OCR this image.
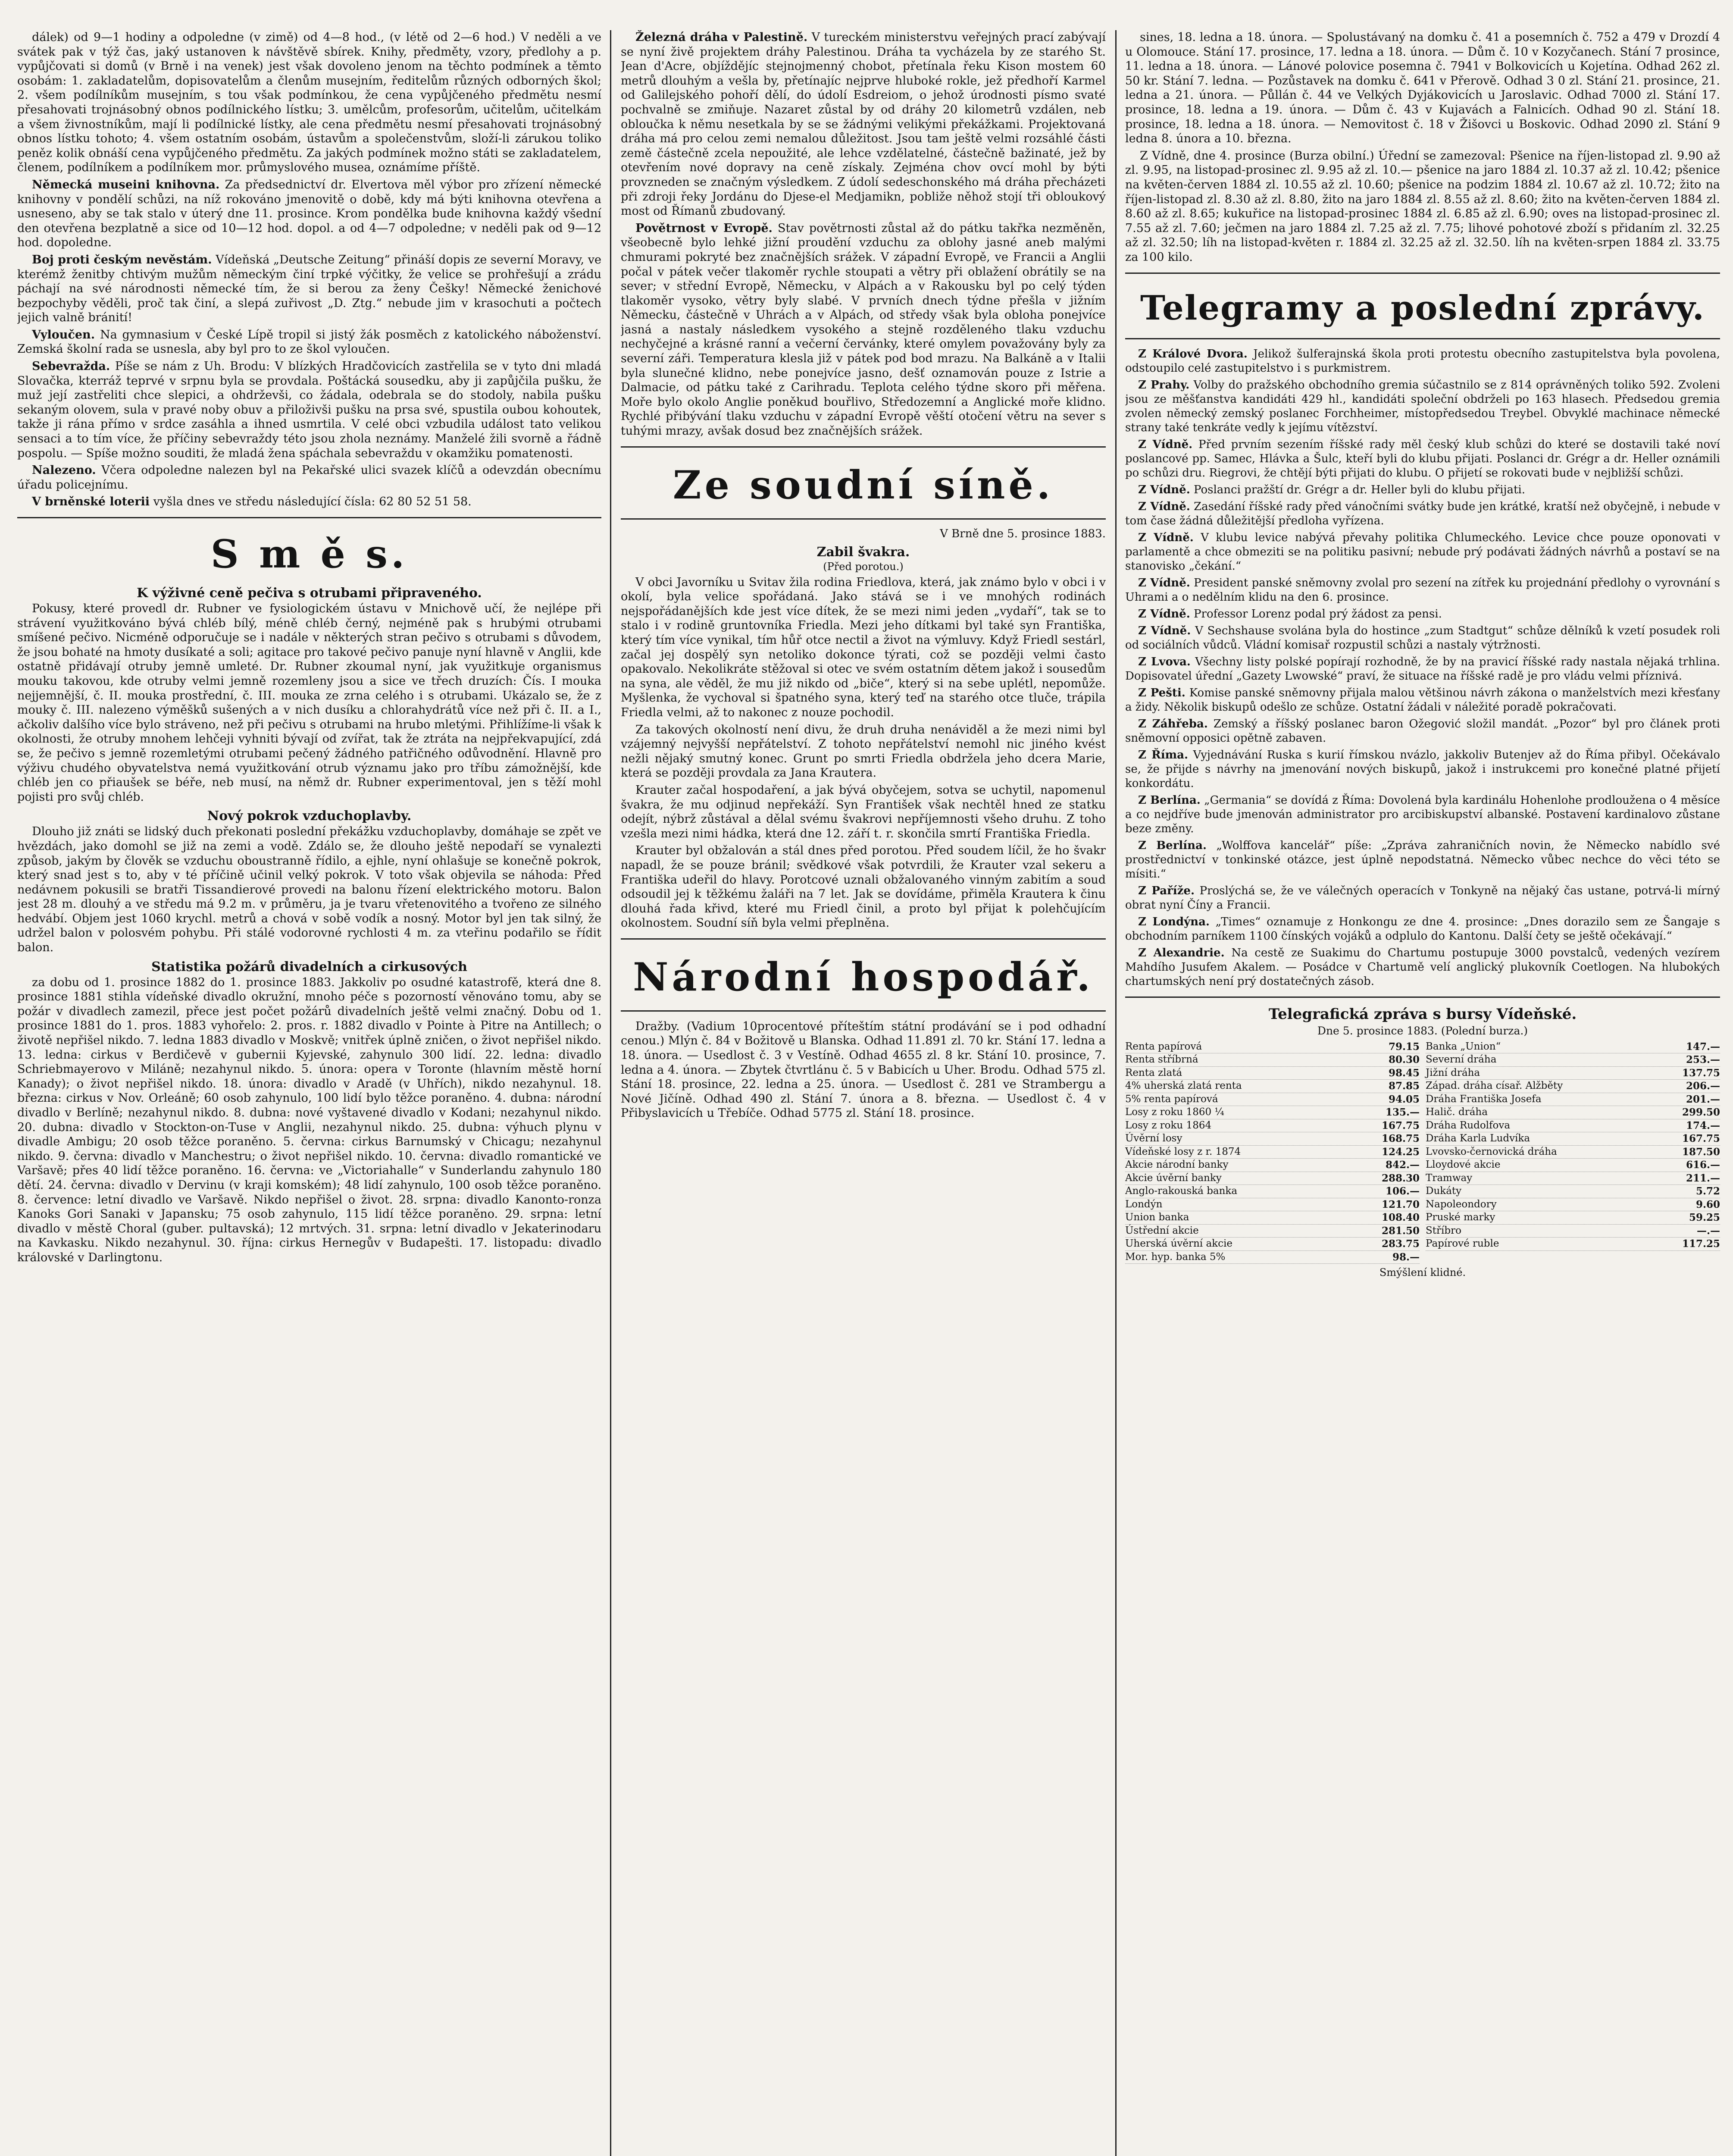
dálek) od 9—1 hodiny a odpoledne (v zimě) od 4—8 hod., (v létě od 2—6 hod.) V neděli a ve svátek pak v týž čas, jaký ustanoven k návštěvě sbírek. Knihy, předměty, vzory, předlohy a p. vypůjčovati si domů (v Brně i na venek) jest však dovoleno jenom na těchto podmínek a těmto osobám: 1. zakladatelům, dopisovatelům a členům musejním, ředitelům různých odborných škol; 2. všem podílníkům musejním, s tou však podmínkou, že cena vypůjčeného předmětu nesmí přesahovati trojnásobný obnos podílnického lístku; 3. umělcům, profesorům, učitelům, učitelkám a všem živnostníkům, mají li podílnické lístky, ale cena předmětu nesmí přesahovati trojnásobný obnos lístku tohoto; 4. všem ostatním osobám, ústavům a společenstvům, složí-li zárukou toliko peněz kolik obnáší cena vypůjčeného předmětu. Za jakých podmínek možno státi se zakladatelem, členem, podílníkem a podílníkem mor. průmyslového musea, oznámíme příště.

Německá museini knihovna. Za předsednictví dr. Elvertova měl výbor pro zřízení německé knihovny v pondělí schůzi, na níž rokováno jmenovitě o době, kdy má býti knihovna otevřena a usneseno, aby se tak stalo v úterý dne 11. prosince. Krom pondělka bude knihovna každý všední den otevřena bezplatně a sice od 10—12 hod. dopol. a od 4—7 odpoledne; v neděli pak od 9—12 hod. dopoledne.

Boj proti českým nevěstám. Vídeňská „Deutsche Zeitung“ přináší dopis ze severní Moravy, ve kterémž ženitby chtivým mužům německým činí trpké výčitky, že velice se prohřešují a zrádu páchají na své národnosti německé tím, že si berou za ženy Češky! Německé ženichové bezpochyby věděli, proč tak činí, a slepá zuřivost „D. Ztg.“ nebude jim v krasochuti a počtech jejich valně bránití!

Vyloučen. Na gymnasium v České Lípě tropil si jistý žák posměch z katolického náboženství. Zemská školní rada se usnesla, aby byl pro to ze škol vyloučen.

Sebevražda. Píše se nám z Uh. Brodu: V blízkých Hradčovicích zastřelila se v tyto dni mladá Slovačka, kterráž teprvé v srpnu byla se provdala. Poštácká sousedku, aby ji zapůjčila pušku, že muž její zastřeliti chce slepici, a ohdrževši, co žádala, odebrala se do stodoly, nabila pušku sekaným olovem, sula v pravé noby obuv a přiloživši pušku na prsa své, spustila oubou kohoutek, takže ji rána přímo v srdce zasáhla a ihned usmrtila. V celé obci vzbudila událost tato velikou sensaci a to tím více, že příčiny sebevraždy této jsou zhola neznámy. Manželé žili svorně a řádně pospolu. — Spíše možno souditi, že mladá žena spáchala sebevraždu v okamžiku pomatenosti.

Nalezeno. Včera odpoledne nalezen byl na Pekařské ulici svazek klíčů a odevzdán obecnímu úřadu policejnímu.

V brněnské loterii vyšla dnes ve středu následující čísla: 62 80 52 51 58.

S m ě s.
K výživné ceně pečiva s otrubami připraveného.

Pokusy, které provedl dr. Rubner ve fysiologickém ústavu v Mnichově učí, že nejlépe při strávení využitkováno bývá chléb bílý, méně chléb černý, nejméně pak s hrubými otrubami smíšené pečivo. Nicméně odporučuje se i nadále v některých stran pečivo s otrubami s důvodem, že jsou bohaté na hmoty dusíkaté a soli; agitace pro takové pečivo panuje nyní hlavně v Anglii, kde ostatně přidávají otruby jemně umleté. Dr. Rubner zkoumal nyní, jak využitkuje organismus mouku takovou, kde otruby velmi jemně rozemleny jsou a sice ve třech druzích: Čís. I mouka nejjemnější, č. II. mouka prostřední, č. III. mouka ze zrna celého i s otrubami. Ukázalo se, že z mouky č. III. nalezeno výměšků sušených a v nich dusíku a chlorahydrátů více než při č. II. a I., ačkoliv dalšího více bylo stráveno, než při pečivu s otrubami na hrubo mletými. Přihlížíme-li však k okolnosti, že otruby mnohem lehčeji vyhniti bývají od zvířat, tak že ztráta na nejpřekvapující, zdá se, že pečivo s jemně rozemletými otrubami pečený žádného patřičného odůvodnění. Hlavně pro výživu chudého obyvatelstva nemá využitkování otrub významu jako pro tříbu zámožnější, kde chléb jen co přiaušek se béře, neb musí, na němž dr. Rubner experimentoval, jen s těží mohl pojisti pro svůj chléb.

Nový pokrok vzduchoplavby.

Dlouho již znáti se lidský duch překonati poslední překážku vzduchoplavby, domáhaje se zpět ve hvězdách, jako domohl se již na zemi a vodě. Zdálo se, že dlouho ještě nepodaří se vynalezti způsob, jakým by člověk se vzduchu oboustranně řídilo, a ejhle, nyní ohlašuje se konečně pokrok, který snad jest s to, aby v té příčině učinil velký pokrok. V toto však objevila se náhoda: Před nedávnem pokusili se bratři Tissandierové provedi na balonu řízení elektrického motoru. Balon jest 28 m. dlouhý a ve středu má 9.2 m. v průměru, ja je tvaru vřetenovitého a tvořeno ze silného hedvábí. Objem jest 1060 krychl. metrů a chová v sobě vodík a nosný. Motor byl jen tak silný, že udržel balon v polosvém pohybu. Při stálé vodorovné rychlosti 4 m. za vteřinu podařilo se řídit balon.

Statistika požárů divadelních a cirkusových

za dobu od 1. prosince 1882 do 1. prosince 1883. Jakkoliv po osudné katastrofě, která dne 8. prosince 1881 stihla vídeňské divadlo okružní, mnoho péče s pozorností věnováno tomu, aby se požár v divadlech zamezil, přece jest počet požárů divadelních ještě velmi značný. Dobu od 1. prosince 1881 do 1. pros. 1883 vyhořelo: 2. pros. r. 1882 divadlo v Pointe à Pitre na Antillech; o životě nepřišel nikdo. 7. ledna 1883 divadlo v Moskvě; vnitřek úplně zničen, o život nepřišel nikdo. 13. ledna: cirkus v Berdičevě v gubernii Kyjevské, zahynulo 300 lidí. 22. ledna: divadlo Schriebmayerovo v Miláně; nezahynul nikdo. 5. února: opera v Toronte (hlavním městě horní Kanady); o život nepřišel nikdo. 18. února: divadlo v Aradě (v Uhřích), nikdo nezahynul. 18. března: cirkus v Nov. Orleáně; 60 osob zahynulo, 100 lidí bylo těžce poraněno. 4. dubna: národní divadlo v Berlíně; nezahynul nikdo. 8. dubna: nové vyštavené divadlo v Kodani; nezahynul nikdo. 20. dubna: divadlo v Stockton-on-Tuse v Anglii, nezahynul nikdo. 25. dubna: výhuch plynu v divadle Ambigu; 20 osob těžce poraněno. 5. června: cirkus Barnumský v Chicagu; nezahynul nikdo. 9. června: divadlo v Manchestru; o život nepřišel nikdo. 10. června: divadlo romantické ve Varšavě; přes 40 lidí těžce poraněno. 16. června: ve „Victoriahalle“ v Sunderlandu zahynulo 180 dětí. 24. června: divadlo v Dervinu (v kraji komském); 48 lidí zahynulo, 100 osob těžce poraněno. 8. července: letní divadlo ve Varšavě. Nikdo nepřišel o život. 28. srpna: divadlo Kanonto-ronza Kanoks Gori Sanaki v Japansku; 75 osob zahynulo, 115 lidí těžce poraněno. 29. srpna: letní divadlo v městě Choral (guber. pultavská); 12 mrtvých. 31. srpna: letní divadlo v Jekaterinodaru na Kavkasku. Nikdo nezahynul. 30. října: cirkus Hernegův v Budapešti. 17. listopadu: divadlo královské v Darlingtonu.

Železná dráha v Palestině. V tureckém ministerstvu veřejných prací zabývají se nyní živě projektem dráhy Palestinou. Dráha ta vycházela by ze starého St. Jean d'Acre, objíždějíc stejnojmenný chobot, přetínala řeku Kison mostem 60 metrů dlouhým a vešla by, přetínajíc nejprve hluboké rokle, jež předhoří Karmel od Galilejského pohoří dělí, do údolí Esdreiom, o jehož úrodnosti písmo svaté pochvalně se zmiňuje. Nazaret zůstal by od dráhy 20 kilometrů vzdálen, neb obloučka k němu nesetkala by se se žádnými velikými překážkami. Projektovaná dráha má pro celou zemi nemalou důležitost. Jsou tam ještě velmi rozsáhlé části země částečně zcela nepoužité, ale lehce vzdělatelné, částečně bažinaté, jež by otevřením nové dopravy na ceně získaly. Zejména chov ovcí mohl by býti provzneden se značným výsledkem. Z údolí sedeschonského má dráha přecházeti při zdroji řeky Jordánu do Djese-el Medjamikn, pobliže něhož stojí tři obloukový most od Římanů zbudovaný.

Povětrnost v Evropě. Stav povětrnosti zůstal až do pátku takřka nezměněn, všeobecně bylo lehké jižní proudění vzduchu za oblohy jasné aneb malými chmurami pokryté bez značnějších srážek. V západní Evropě, ve Francii a Anglii počal v pátek večer tlakoměr rychle stoupati a větry při oblažení obrátily se na sever; v střední Evropě, Německu, v Alpách a v Rakousku byl po celý týden tlakoměr vysoko, větry byly slabé. V prvních dnech týdne přešla v jižním Německu, částečně v Uhrách a v Alpách, od středy však byla obloha ponejvíce jasná a nastaly následkem vysokého a stejně rozděleného tlaku vzduchu nechyčejné a krásné ranní a večerní červánky, které omylem považovány byly za severní záři. Temperatura klesla již v pátek pod bod mrazu. Na Balkáně a v Italii byla slunečné klidno, nebe ponejvíce jasno, dešť oznamován pouze z Istrie a Dalmacie, od pátku také z Carihradu. Teplota celého týdne skoro při měřena. Moře bylo okolo Anglie poněkud bouřlivo, Středozemní a Anglické moře klidno. Rychlé přibývání tlaku vzduchu v západní Evropě věští otočení větru na sever s tuhými mrazy, avšak dosud bez značnějších srážek.

Ze soudní síně.
V Brně dne 5. prosince 1883.
Zabil švakra.
(Před porotou.)

V obci Javorníku u Svitav žila rodina Friedlova, která, jak známo bylo v obci i v okolí, byla velice spořádaná. Jako stává se i ve mnohých rodinách nejspořádanějších kde jest více dítek, že se mezi nimi jeden „vydaří“, tak se to stalo i v rodině gruntovníka Friedla. Mezi jeho dítkami byl také syn Františka, který tím více vynikal, tím hůř otce nectil a život na výmluvy. Když Friedl sestárl, začal jej dospělý syn netoliko dokonce týrati, což se později velmi často opakovalo. Nekolikráte stěžoval si otec ve svém ostatním dětem jakož i sousedům na syna, ale věděl, že mu již nikdo od „biče“, který si na sebe uplétl, nepomůže. Myšlenka, že vychoval si špatného syna, který teď na starého otce tluče, trápila Friedla velmi, až to nakonec z nouze pochodil.

Za takových okolností není divu, že druh druha nenáviděl a že mezi nimi byl vzájemný nejvyšší nepřátelství. Z tohoto nepřátelství nemohl nic jiného kvést nežli nějaký smutný konec. Grunt po smrti Friedla obdržela jeho dcera Marie, která se později provdala za Jana Krautera.

Krauter začal hospodaření, a jak bývá obyčejem, sotva se uchytil, napomenul švakra, že mu odjinud nepřekáží. Syn František však nechtěl hned ze statku odejít, nýbrž zůstával a dělal svému švakrovi nepříjemnosti všeho druhu. Z toho vzešla mezi nimi hádka, která dne 12. září t. r. skončila smrtí Františka Friedla.

Krauter byl obžalován a stál dnes před porotou. Před soudem líčil, že ho švakr napadl, že se pouze bránil; svědkové však potvrdili, že Krauter vzal sekeru a Františka udeřil do hlavy. Porotcové uznali obžalovaného vinným zabitím a soud odsoudil jej k těžkému žaláři na 7 let. Jak se dovídáme, přiměla Krautera k činu dlouhá řada křivd, které mu Friedl činil, a proto byl přijat k polehčujícím okolnostem. Soudní síň byla velmi přeplněna.

Národní hospodář.

Dražby. (Vadium 10procentové příteštím státní prodávání se i pod odhadní cenou.) Mlýn č. 84 v Božitově u Blanska. Odhad 11.891 zl. 70 kr. Stání 17. ledna a 18. února. — Usedlost č. 3 v Vestíně. Odhad 4655 zl. 8 kr. Stání 10. prosince, 7. ledna a 4. února. — Zbytek čtvrtlánu č. 5 v Babicích u Uher. Brodu. Odhad 575 zl. Stání 18. prosince, 22. ledna a 25. února. — Usedlost č. 281 ve Strambergu a Nové Jičíně. Odhad 490 zl. Stání 7. února a 8. března. — Usedlost č. 4 v Přibyslavicích u Třebíče. Odhad 5775 zl. Stání 18. prosince.

sines, 18. ledna a 18. února. — Spolustávaný na domku č. 41 a posemních č. 752 a 479 v Drozdí 4 u Olomouce. Stání 17. prosince, 17. ledna a 18. února. — Dům č. 10 v Kozyčanech. Stání 7 prosince, 11. ledna a 18. února. — Lánové polovice posemna č. 7941 v Bolkovicích u Kojetína. Odhad 262 zl. 50 kr. Stání 7. ledna. — Pozůstavek na domku č. 641 v Přerově. Odhad 3 0 zl. Stání 21. prosince, 21. ledna a 21. února. — Půllán č. 44 ve Velkých Dyjákovicích u Jaroslavic. Odhad 7000 zl. Stání 17. prosince, 18. ledna a 19. února. — Dům č. 43 v Kujavách a Falnicích. Odhad 90 zl. Stání 18. prosince, 18. ledna a 18. února. — Nemovitost č. 18 v Žišovci u Boskovic. Odhad 2090 zl. Stání 9 ledna 8. února a 10. března.

Z Vídně, dne 4. prosince (Burza obilní.) Úřední se zamezoval: Pšenice na říjen-listopad zl. 9.90 až zl. 9.95, na listopad-prosinec zl. 9.95 až zl. 10.— pšenice na jaro 1884 zl. 10.37 až zl. 10.42; pšenice na květen-červen 1884 zl. 10.55 až zl. 10.60; pšenice na podzim 1884 zl. 10.67 až zl. 10.72; žito na říjen-listopad zl. 8.30 až zl. 8.80, žito na jaro 1884 zl. 8.55 až zl. 8.60; žito na květen-červen 1884 zl. 8.60 až zl. 8.65; kukuřice na listopad-prosinec 1884 zl. 6.85 až zl. 6.90; oves na listopad-prosinec zl. 7.55 až zl. 7.60; ječmen na jaro 1884 zl. 7.25 až zl. 7.75; lihové pohotové zboží s přidaním zl. 32.25 až zl. 32.50; líh na listopad-květen r. 1884 zl. 32.25 až zl. 32.50. líh na květen-srpen 1884 zl. 33.75 za 100 kilo.

Telegramy a poslední zprávy.

Z Králové Dvora. Jelikož šulferajnská škola proti protestu obecního zastupitelstva byla povolena, odstoupilo celé zastupitelstvo i s purkmistrem.

Z Prahy. Volby do pražského obchodního gremia súčastnilo se z 814 oprávněných toliko 592. Zvoleni jsou ze měšťanstva kandidáti 429 hl., kandidáti společní obdrželi po 163 hlasech. Předsedou gremia zvolen německý zemský poslanec Forchheimer, místopředsedou Treybel. Obvyklé machinace německé strany také tenkráte vedly k jejímu vítězství.

Z Vídně. Před prvním sezením říšské rady měl český klub schůzi do které se dostavili také noví poslancové pp. Samec, Hlávka a Šulc, kteří byli do klubu přijati. Poslanci dr. Grégr a dr. Heller oznámili po schůzi dru. Riegrovi, že chtějí býti přijati do klubu. O přijetí se rokovati bude v nejbližší schůzi.

Z Vídně. Poslanci pražští dr. Grégr a dr. Heller byli do klubu přijati.

Z Vídně. Zasedání říšské rady před vánočními svátky bude jen krátké, kratší než obyčejně, i nebude v tom čase žádná důležitější předloha vyřízena.

Z Vídně. V klubu levice nabývá převahy politika Chlumeckého. Levice chce pouze oponovati v parlamentě a chce obmeziti se na politiku pasivní; nebude prý podávati žádných návrhů a postaví se na stanovisko „čekání.“

Z Vídně. President panské sněmovny zvolal pro sezení na zítřek ku projednání předlohy o vyrovnání s Uhrami a o nedělním klidu na den 6. prosince.

Z Vídně. Professor Lorenz podal prý žádost za pensi.

Z Vídně. V Sechshause svolána byla do hostince „zum Stadtgut“ schůze dělníků k vzetí posudek roli od sociálních vůdců. Vládní komisař rozpustil schůzi a nastaly výtržnosti.

Z Lvova. Všechny listy polské popírají rozhodně, že by na pravicí říšské rady nastala nějaká trhlina. Dopisovatel úřední „Gazety Lwowské“ praví, že situace na říšské radě je pro vládu velmi příznivá.

Z Pešti. Komise panské sněmovny přijala malou většinou návrh zákona o manželstvích mezi křesťany a židy. Několik biskupů odešlo ze schůze. Ostatní žádali v náležité poradě pokračovati.

Z Záhřeba. Zemský a říšský poslanec baron Ožegović složil mandát. „Pozor“ byl pro článek proti sněmovní opposici opětně zabaven.

Z Říma. Vyjednávání Ruska s kurií římskou nvázlo, jakkoliv Butenjev až do Říma přibyl. Očekávalo se, že přijde s návrhy na jmenování nových biskupů, jakož i instrukcemi pro konečné platné přijetí konkordátu.

Z Berlína. „Germania“ se dovídá z Říma: Dovolená byla kardinálu Hohenlohe prodloužena o 4 měsíce a co nejdříve bude jmenován administrator pro arcibiskupství albanské. Postavení kardinalovo zůstane beze změny.

Z Berlína. „Wolffova kancelář“ píše: „Zpráva zahraničních novin, že Německo nabídlo své prostřednictví v tonkinské otázce, jest úplně nepodstatná. Německo vůbec nechce do věci této se mísiti.“

Z Paříže. Proslýchá se, že ve válečných operacích v Tonkyně na nějaký čas ustane, potrvá-li mírný obrat nyní Číny a Francii.

Z Londýna. „Times“ oznamuje z Honkongu ze dne 4. prosince: „Dnes dorazilo sem ze Šangaje s obchodním parníkem 1100 čínských vojáků a odplulo do Kantonu. Další čety se ještě očekávají.“

Z Alexandrie. Na cestě ze Suakimu do Chartumu postupuje 3000 povstalců, vedených vezírem Mahdího Jusufem Akalem. — Posádce v Chartumě velí anglický plukovník Coetlogen. Na hlubokých chartumských není prý dostatečných zásob.

Telegrafická zpráva s bursy Vídeňské.
Dne 5. prosince 1883. (Polední burza.)
Renta papírová	79.15
Renta stříbrná	80.30
Renta zlatá	98.45
4% uherská zlatá renta	87.85
5% renta papírová	94.05
Losy z roku 1860 ¼	135.—
Losy z roku 1864	167.75
Úvěrní losy	168.75
Vídeňské losy z r. 1874	124.25
Akcie národní banky	842.—
Akcie úvěrní banky	288.30
Anglo-rakouská banka	106.—
Londýn	121.70
Union banka	108.40
Ústřední akcie	281.50
Uherská úvěrní akcie	283.75
Mor. hyp. banka 5%	98.—
Banka „Union“	147.—
Severní dráha	253.—
Jižní dráha	137.75
Západ. dráha císař. Alžběty	206.—
Dráha Františka Josefa	201.—
Halič. dráha	299.50
Dráha Rudolfova	174.—
Dráha Karla Ludvíka	167.75
Lvovsko-černovická dráha	187.50
Lloydové akcie	616.—
Tramway	211.—
Dukáty	5.72
Napoleondory	9.60
Pruské marky	59.25
Stříbro	—.—
Papírové ruble	117.25
Smýšlení klidné.
